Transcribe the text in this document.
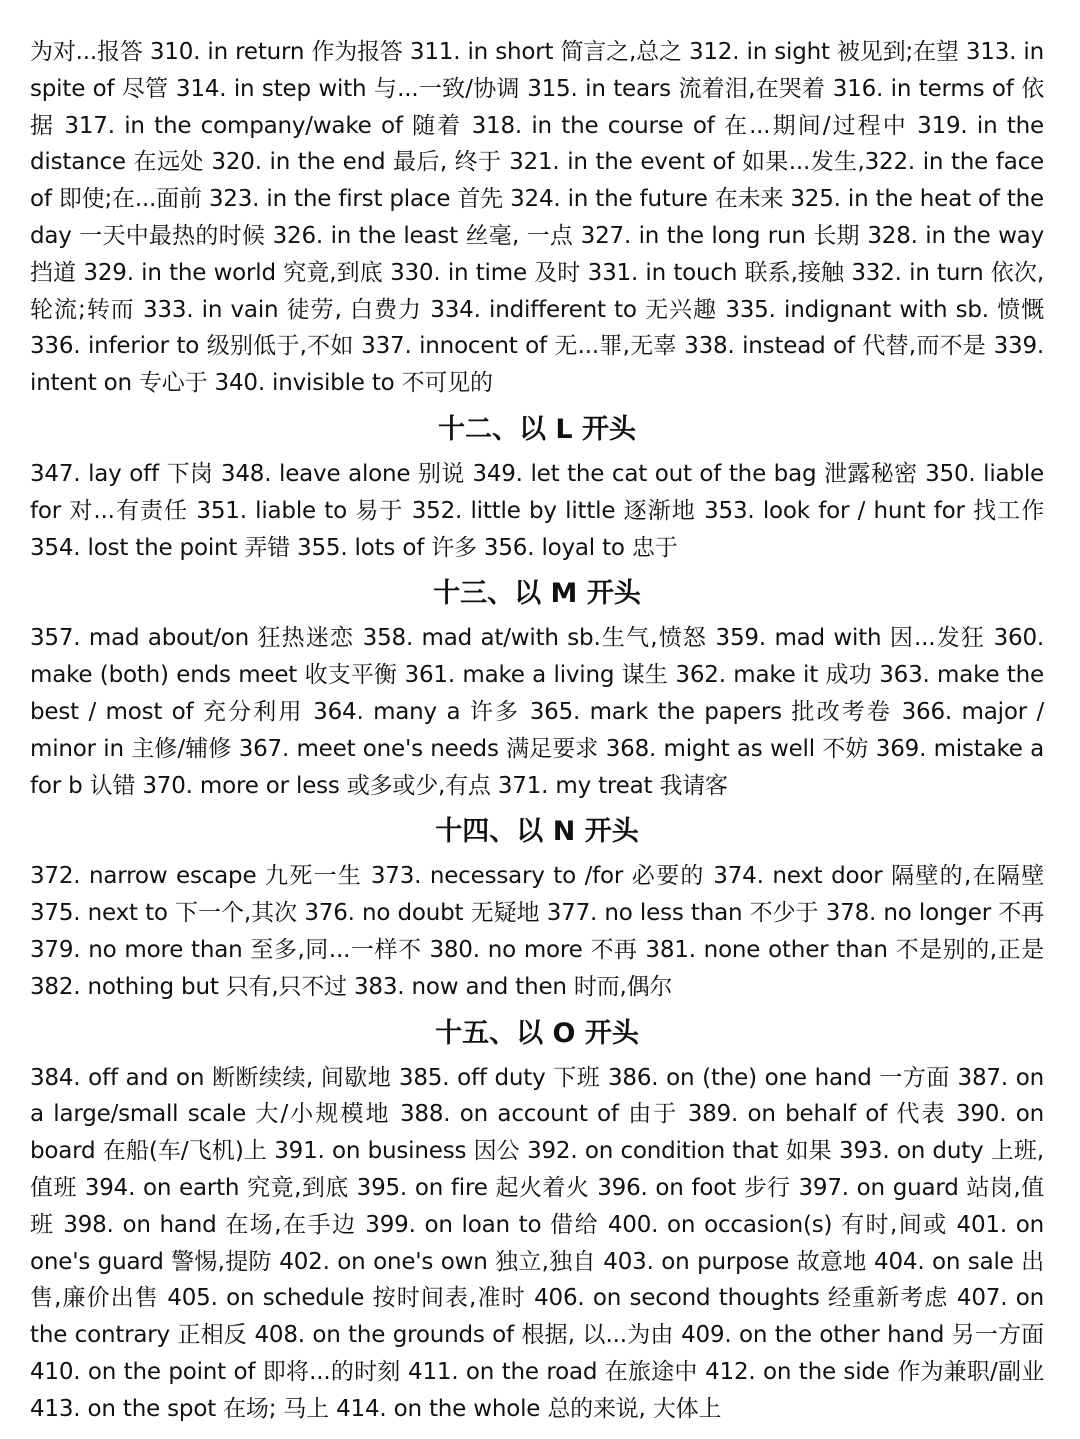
为对...报答 310. in return 作为报答 311. in short 简言之,总之 312. in sight 被见到;在望 313. in spite of 尽管 314. in step with 与...一致/协调 315. in tears 流着泪,在哭着 316. in terms of 依据 317. in the company/wake of 随着 318. in the course of 在...期间/过程中 319. in the distance 在远处 320. in the end 最后, 终于 321. in the event of 如果...发生,322. in the face of 即使;在...面前 323. in the first place 首先 324. in the future 在未来 325. in the heat of the day 一天中最热的时候 326. in the least 丝毫, 一点 327. in the long run 长期 328. in the way 挡道 329. in the world 究竟,到底 330. in time 及时 331. in touch 联系,接触 332. in turn 依次,轮流;转而 333. in vain 徒劳, 白费力 334. indifferent to 无兴趣 335. indignant with sb. 愤慨 336. inferior to 级别低于,不如 337. innocent of 无...罪,无辜 338. instead of 代替,而不是 339. intent on 专心于 340. invisible to 不可见的

十二、以 L 开头

347. lay off 下岗 348. leave alone 别说 349. let the cat out of the bag 泄露秘密 350. liable for 对...有责任 351. liable to 易于 352. little by little 逐渐地 353. look for / hunt for 找工作 354. lost the point 弄错 355. lots of 许多 356. loyal to 忠于

十三、以 M 开头

357. mad about/on 狂热迷恋 358. mad at/with sb.生气,愤怒 359. mad with 因...发狂 360. make (both) ends meet 收支平衡 361. make a living 谋生 362. make it 成功 363. make the best / most of 充分利用 364. many a 许多 365. mark the papers 批改考卷 366. major / minor in 主修/辅修 367. meet one's needs 满足要求 368. might as well 不妨 369. mistake a for b 认错 370. more or less 或多或少,有点 371. my treat 我请客

十四、以 N 开头

372. narrow escape 九死一生 373. necessary to /for 必要的 374. next door 隔壁的,在隔壁 375. next to 下一个,其次 376. no doubt 无疑地 377. no less than 不少于 378. no longer 不再 379. no more than 至多,同...一样不 380. no more 不再 381. none other than 不是别的,正是 382. nothing but 只有,只不过 383. now and then 时而,偶尔

十五、以 O 开头

384. off and on 断断续续, 间歇地 385. off duty 下班 386. on (the) one hand 一方面 387. on a large/small scale 大/小规模地 388. on account of 由于 389. on behalf of 代表 390. on board 在船(车/飞机)上 391. on business 因公 392. on condition that 如果 393. on duty 上班,值班 394. on earth 究竟,到底 395. on fire 起火着火 396. on foot 步行 397. on guard 站岗,值班 398. on hand 在场,在手边 399. on loan to 借给 400. on occasion(s) 有时,间或 401. on one's guard 警惕,提防 402. on one's own 独立,独自 403. on purpose 故意地 404. on sale 出售,廉价出售 405. on schedule 按时间表,准时 406. on second thoughts 经重新考虑 407. on the contrary 正相反 408. on the grounds of 根据, 以...为由 409. on the other hand 另一方面 410. on the point of 即将...的时刻 411. on the road 在旅途中 412. on the side 作为兼职/副业 413. on the spot 在场; 马上 414. on the whole 总的来说, 大体上
